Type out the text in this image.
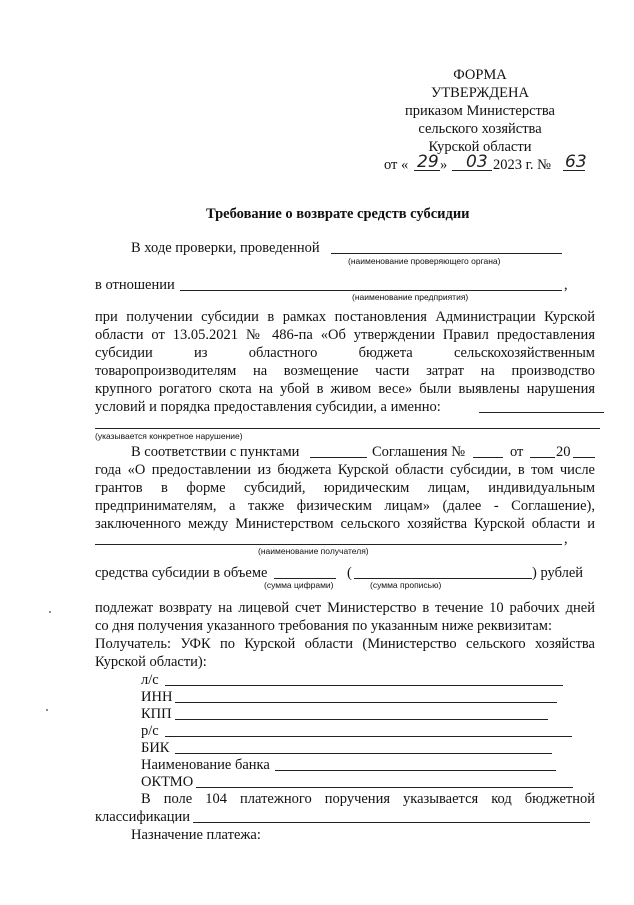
ФОРМА
УТВЕРЖДЕНА
приказом Министерства
сельского хозяйства
Курской области
от « 29 » 03 2023 г. № 63
Требование о возврате средств субсидии
В ходе проверки, проведенной
(наименование проверяющего органа)
в отношении	,
(наименование предприятия)
при получении субсидии в рамках постановления Администрации Курской
области от 13.05.2021 № 486-па «Об утверждении Правил предоставления
субсидии из областного бюджета сельскохозяйственным
товаропроизводителям на возмещение части затрат на производство
крупного рогатого скота на убой в живом весе» были выявлены нарушения
условий и порядка предоставления субсидии, а именно:
(указывается конкретное нарушение)
В соответствии с пунктами	Соглашения №	от 20
года «О предоставлении из бюджета Курской области субсидии, в том числе
грантов в форме субсидий, юридическим лицам, индивидуальным
предпринимателям, а также физическим лицам» (далее - Соглашение),
заключенного между Министерством сельского хозяйства Курской области и
,
(наименование получателя)
средства субсидии в объеме	(	) рублей
(сумма цифрами)	(сумма прописью)
подлежат возврату на лицевой счет Министерство в течение 10 рабочих дней
со дня получения указанного требования по указанным ниже реквизитам:
Получатель: УФК по Курской области (Министерство сельского хозяйства
Курской области):
л/с
ИНН
КПП
р/с
БИК
Наименование банка
ОКТМО
В поле 104 платежного поручения указывается код бюджетной
классификации
Назначение платежа:
